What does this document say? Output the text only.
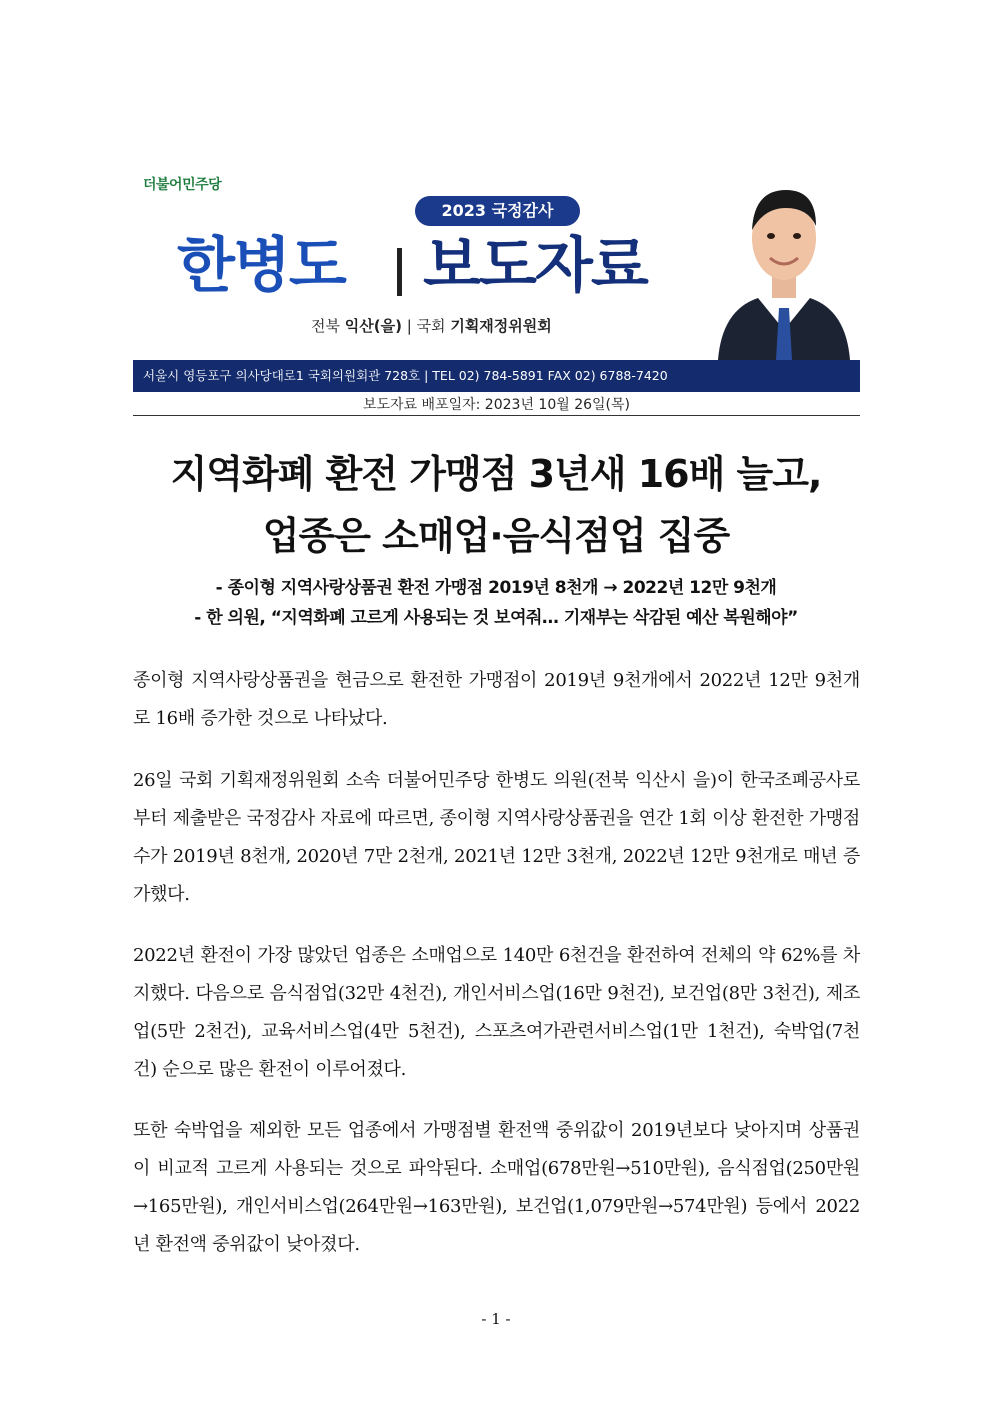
더불어민주당
2023 국정감사
한병도 보도자료
전북 익산(을) | 국회 기획재정위원회
서울시 영등포구 의사당대로1 국회의원회관 728호 | TEL 02) 784-5891 FAX 02) 6788-7420
보도자료 배포일자: 2023년 10월 26일(목)
지역화폐 환전 가맹점 3년새 16배 늘고,
업종은 소매업·음식점업 집중
- 종이형 지역사랑상품권 환전 가맹점 2019년 8천개 → 2022년 12만 9천개
- 한 의원, “지역화폐 고르게 사용되는 것 보여줘… 기재부는 삭감된 예산 복원해야”
종이형 지역사랑상품권을 현금으로 환전한 가맹점이 2019년 9천개에서 2022년 12만 9천개로 16배 증가한 것으로 나타났다.
26일 국회 기획재정위원회 소속 더불어민주당 한병도 의원(전북 익산시 을)이 한국조폐공사로부터 제출받은 국정감사 자료에 따르면, 종이형 지역사랑상품권을 연간 1회 이상 환전한 가맹점 수가 2019년 8천개, 2020년 7만 2천개, 2021년 12만 3천개, 2022년 12만 9천개로 매년 증가했다.
2022년 환전이 가장 많았던 업종은 소매업으로 140만 6천건을 환전하여 전체의 약 62%를 차지했다. 다음으로 음식점업(32만 4천건), 개인서비스업(16만 9천건), 보건업(8만 3천건), 제조업(5만 2천건), 교육서비스업(4만 5천건), 스포츠여가관련서비스업(1만 1천건), 숙박업(7천건) 순으로 많은 환전이 이루어졌다.
또한 숙박업을 제외한 모든 업종에서 가맹점별 환전액 중위값이 2019년보다 낮아지며 상품권이 비교적 고르게 사용되는 것으로 파악된다. 소매업(678만원→510만원), 음식점업(250만원→165만원), 개인서비스업(264만원→163만원), 보건업(1,079만원→574만원) 등에서 2022년 환전액 중위값이 낮아졌다.
- 1 -
